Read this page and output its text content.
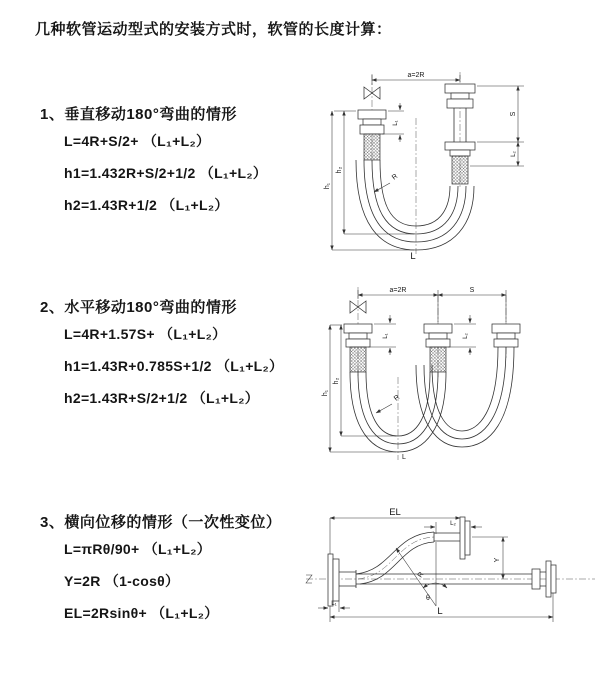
几种软管运动型式的安装方式时，软管的长度计算：
1、垂直移动180°弯曲的情形
L=4R+S/2+ （L₁+L₂）
h1=1.432R+S/2+1/2 （L₁+L₂）
h2=1.43R+1/2 （L₁+L₂）
2、水平移动180°弯曲的情形
L=4R+1.57S+ （L₁+L₂）
h1=1.43R+0.785S+1/2 （L₁+L₂）
h2=1.43R+S/2+1/2 （L₁+L₂）
3、横向位移的情形（一次性变位）
L=πRθ/90+ （L₁+L₂）
Y=2R （1-cosθ）
EL=2Rsinθ+ （L₁+L₂）
a=2R
h₁
h₂
L₁
S
L₂
R
L
a=2R	S
h₁
h₂
L₁	L₂
R
L
EL
L₂
Y
R
θ
L
L₁
